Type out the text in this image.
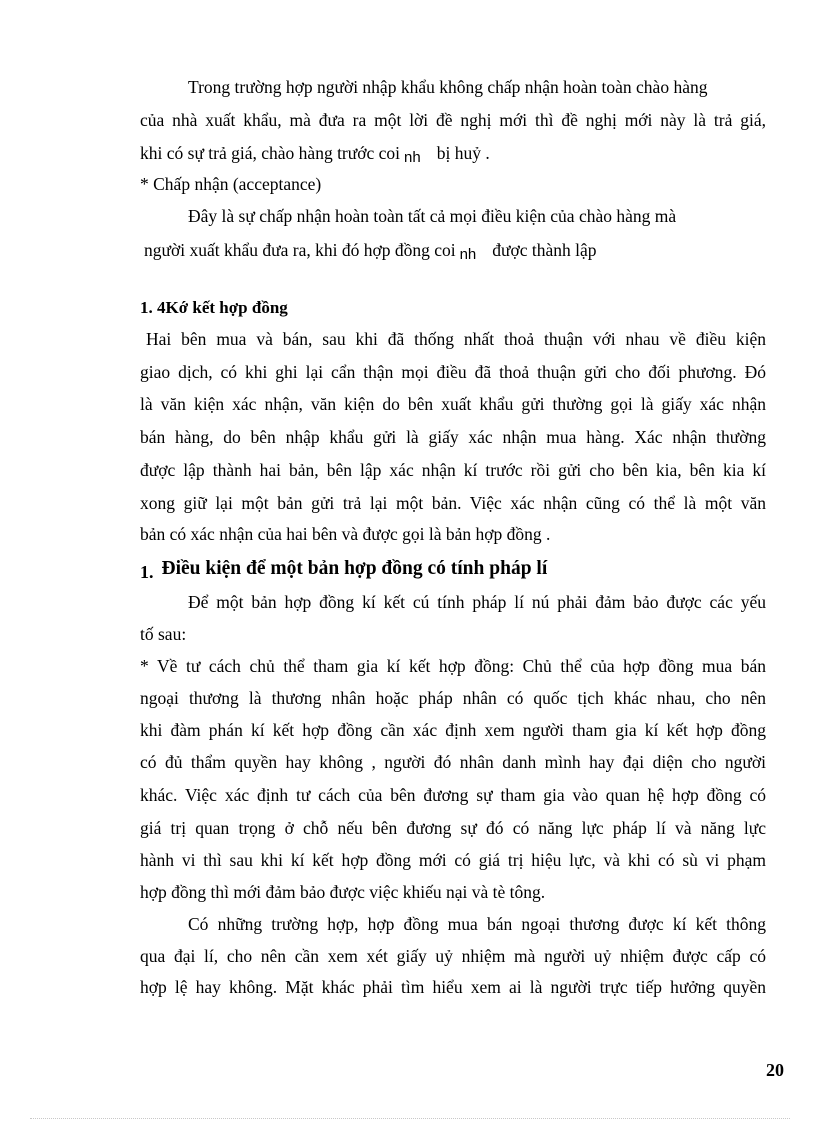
Trong trường hợp người nhập khẩu không chấp nhận hoàn toàn chào hàng
của nhà xuất khẩu, mà đưa ra một lời đề nghị mới thì đề nghị mới này là trả giá,
khi có sự trả giá, chào hàng trước coi nh bị huỷ .
* Chấp nhận (acceptance)
Đây là sự chấp nhận hoàn toàn tất cả mọi điều kiện của chào hàng mà
người xuất khẩu đưa ra, khi đó hợp đồng coi nh được thành lập
1. 4Kớ kết hợp đồng
Hai bên mua và bán, sau khi đã thống nhất thoả thuận với nhau về điều kiện
giao dịch, có khi ghi lại cẩn thận mọi điều đã thoả thuận gửi cho đối phương. Đó
là văn kiện xác nhận, văn kiện do bên xuất khẩu gửi thường gọi là giấy xác nhận
bán hàng, do bên nhập khẩu gửi là giấy xác nhận mua hàng. Xác nhận thường
được lập thành hai bản, bên lập xác nhận kí trước rồi gửi cho bên kia, bên kia kí
xong giữ lại một bản gửi trả lại một bản. Việc xác nhận cũng có thể là một văn
bản có xác nhận của hai bên và được gọi là bản hợp đồng .
1. Điều kiện để một bản hợp đồng có tính pháp lí
Để một bản hợp đồng kí kết cú tính pháp lí nú phải đảm bảo được các yếu
tố sau:
* Về tư cách chủ thể tham gia kí kết hợp đồng: Chủ thể của hợp đồng mua bán
ngoại thương là thương nhân hoặc pháp nhân có quốc tịch khác nhau, cho nên
khi đàm phán kí kết hợp đồng cần xác định xem người tham gia kí kết hợp đồng
có đủ thẩm quyền hay không , người đó nhân danh mình hay đại diện cho người
khác. Việc xác định tư cách của bên đương sự tham gia vào quan hệ hợp đồng có
giá trị quan trọng ở chỗ nếu bên đương sự đó có năng lực pháp lí và năng lực
hành vi thì sau khi kí kết hợp đồng mới có giá trị hiệu lực, và khi có sù vi phạm
hợp đồng thì mới đảm bảo được việc khiếu nại và tè tông.
Có những trường hợp, hợp đồng mua bán ngoại thương được kí kết thông
qua đại lí, cho nên cần xem xét giấy uỷ nhiệm mà người uỷ nhiệm được cấp có
hợp lệ hay không. Mặt khác phải tìm hiểu xem ai là người trực tiếp hưởng quyền
20
